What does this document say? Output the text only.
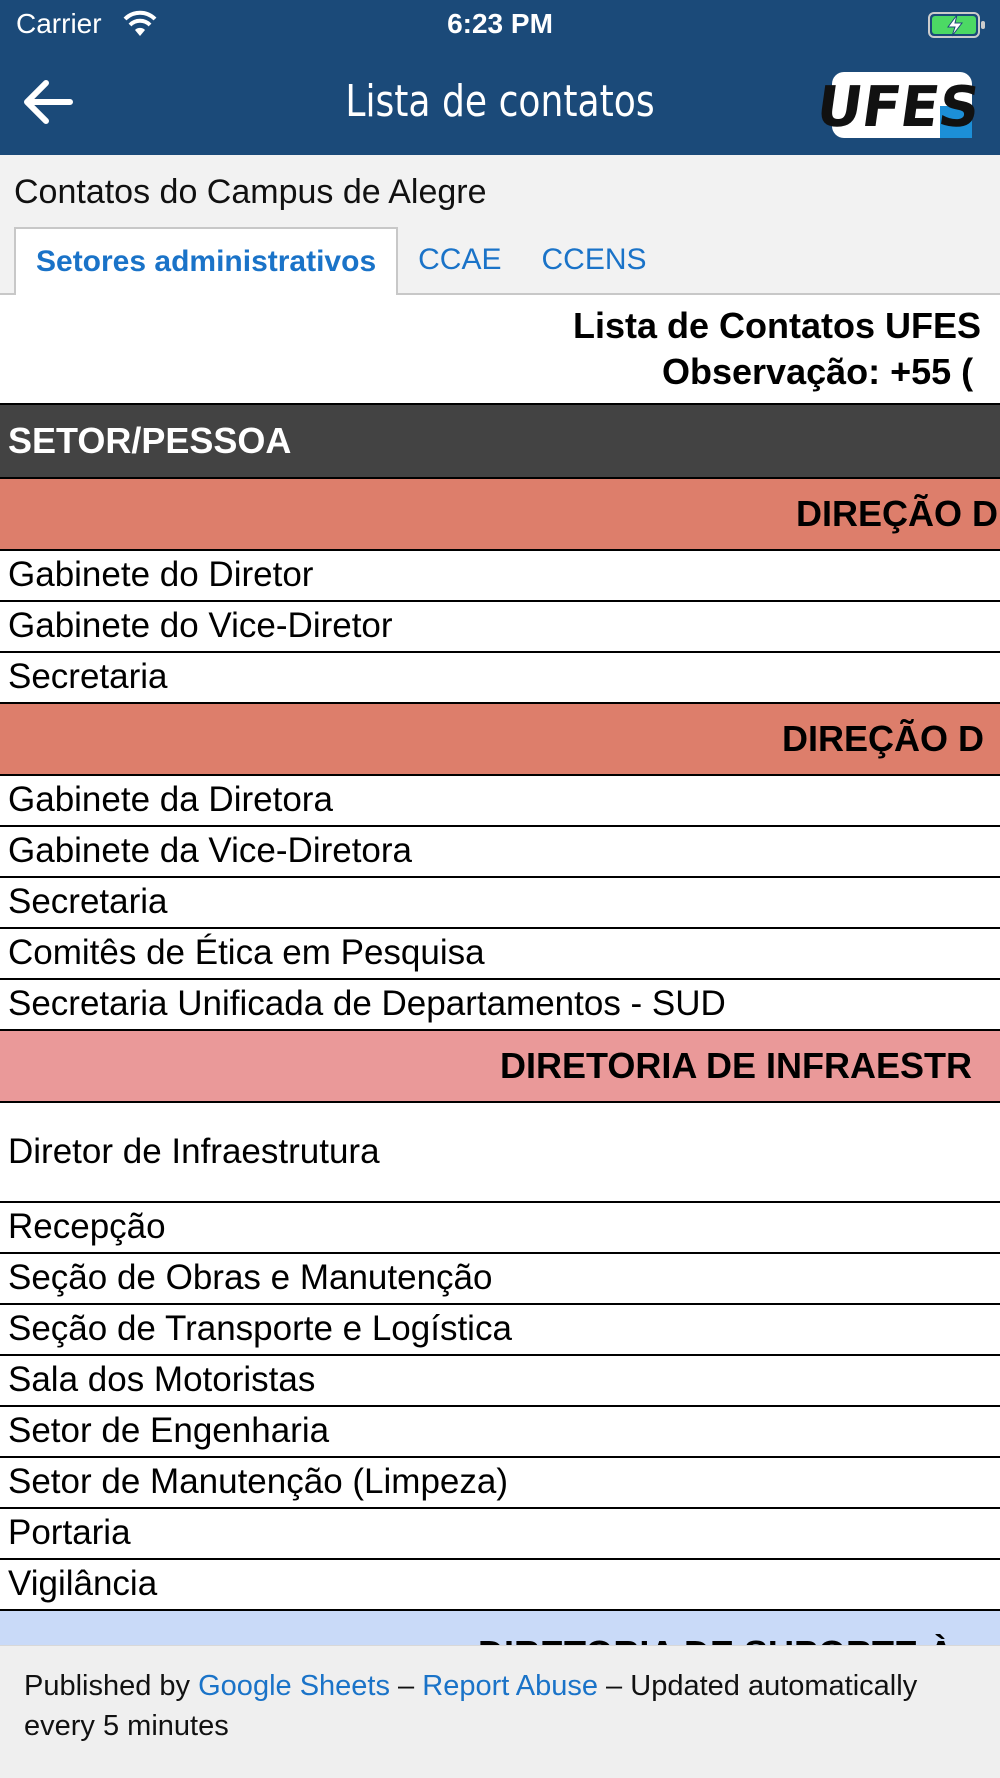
Carrier	6:23 PM
Lista de contatos	UFES
Contatos do Campus de Alegre
Setores administrativos	CCAE	CCENS
Lista de Contatos UFES
Observação: +55 (
SETOR/PESSOA
DIREÇÃO D
Gabinete do Diretor
Gabinete do Vice-Diretor
Secretaria
DIREÇÃO D
Gabinete da Diretora
Gabinete da Vice-Diretora
Secretaria
Comitês de Ética em Pesquisa
Secretaria Unificada de Departamentos - SUD
DIRETORIA DE INFRAESTR
Diretor de Infraestrutura
Recepção
Seção de Obras e Manutenção
Seção de Transporte e Logística
Sala dos Motoristas
Setor de Engenharia
Setor de Manutenção (Limpeza)
Portaria
Vigilância
Published by Google Sheets – Report Abuse – Updated automatically every 5 minutes
